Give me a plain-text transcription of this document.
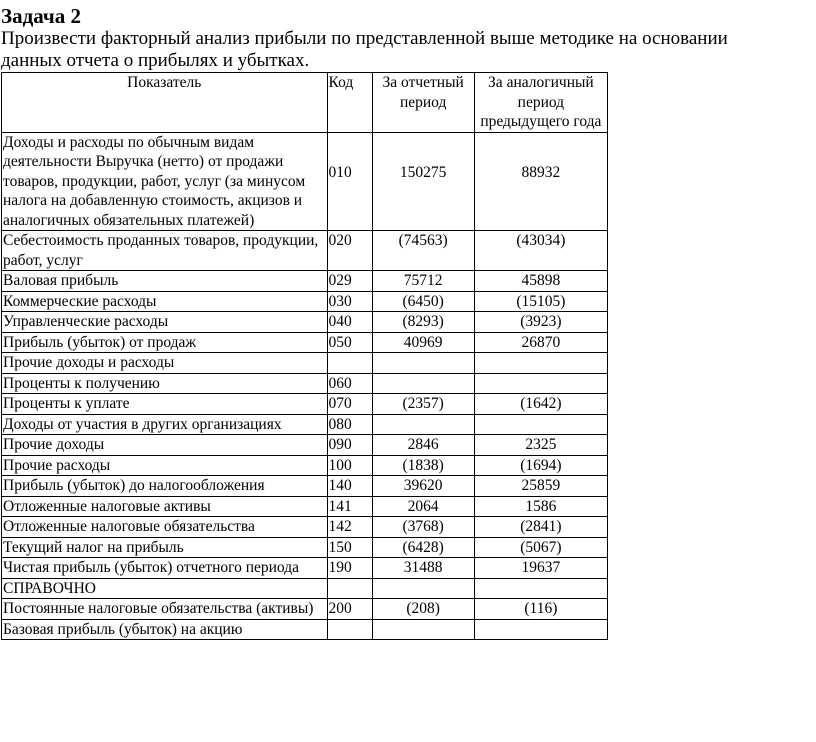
Задача 2
Произвести факторный анализ прибыли по представленной выше методике на основании данных отчета о прибылях и убытках.
Показатель	Код	За отчетный период	За аналогичный период предыдущего года
Доходы и расходы по обычным видам деятельности Выручка (нетто) от продажи товаров, продукции, работ, услуг (за минусом налога на добавленную стоимость, акцизов и аналогичных обязательных платежей)	010	150275	88932
Себестоимость проданных товаров, продукции, работ, услуг	020	(74563)	(43034)
Валовая прибыль	029	75712	45898
Коммерческие расходы	030	(6450)	(15105)
Управленческие расходы	040	(8293)	(3923)
Прибыль (убыток) от продаж	050	40969	26870
Прочие доходы и расходы			
Проценты к получению	060		
Проценты к уплате	070	(2357)	(1642)
Доходы от участия в других организациях	080		
Прочие доходы	090	2846	2325
Прочие расходы	100	(1838)	(1694)
Прибыль (убыток) до налогообложения	140	39620	25859
Отложенные налоговые активы	141	2064	1586
Отложенные налоговые обязательства	142	(3768)	(2841)
Текущий налог на прибыль	150	(6428)	(5067)
Чистая прибыль (убыток) отчетного периода	190	31488	19637
СПРАВОЧНО			
Постоянные налоговые обязательства (активы)	200	(208)	(116)
Базовая прибыль (убыток) на акцию			
